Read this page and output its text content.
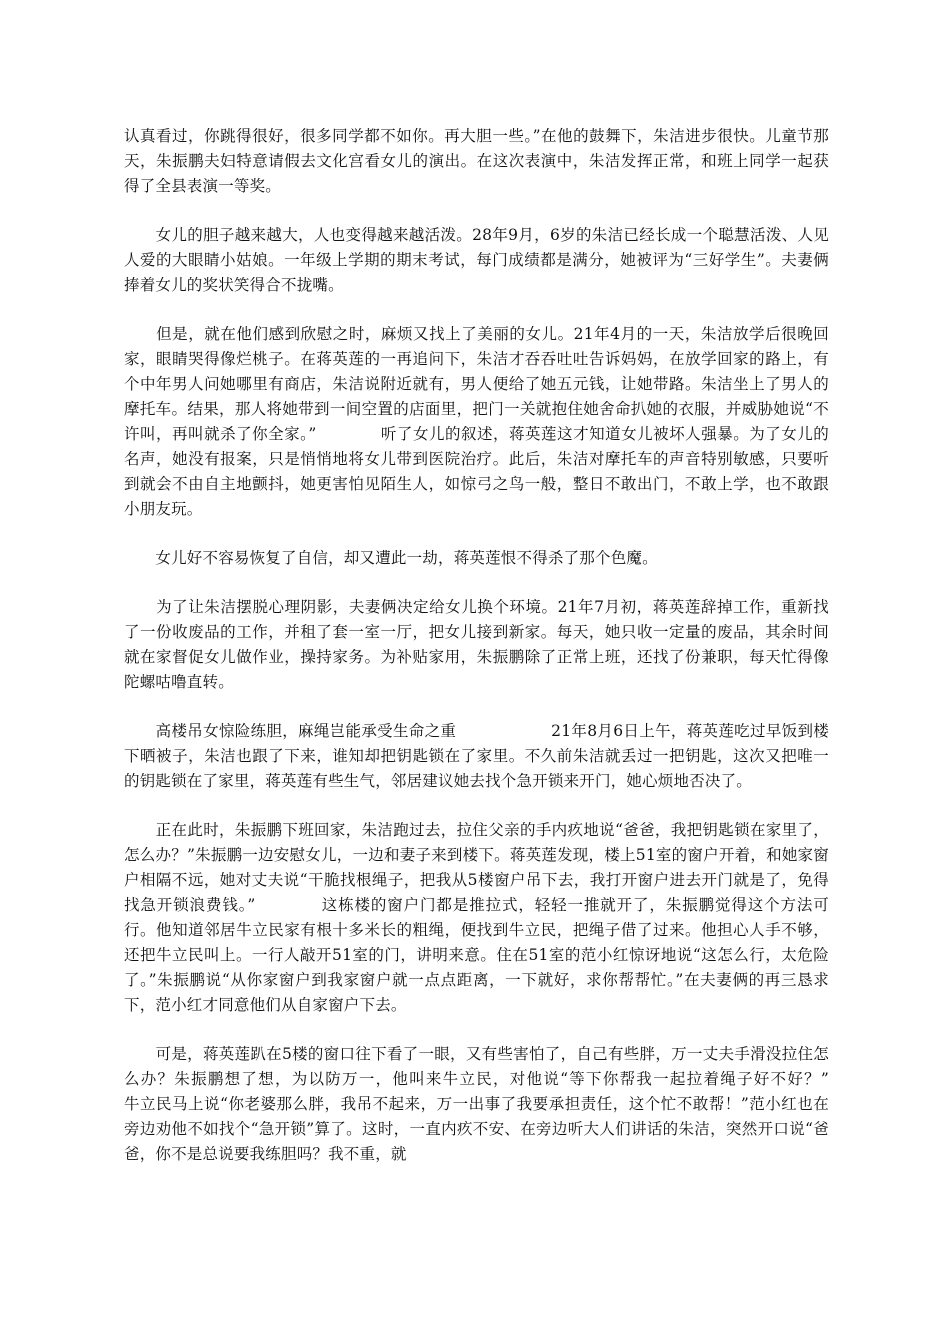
认真看过，你跳得很好，很多同学都不如你。再大胆一些。”在他的鼓舞下，朱洁进步很快。儿童节那天，朱振鹏夫妇特意请假去文化宫看女儿的演出。在这次表演中，朱洁发挥正常，和班上同学一起获得了全县表演一等奖。

　　女儿的胆子越来越大，人也变得越来越活泼。28年9月，6岁的朱洁已经长成一个聪慧活泼、人见人爱的大眼睛小姑娘。一年级上学期的期末考试，每门成绩都是满分，她被评为“三好学生”。夫妻俩捧着女儿的奖状笑得合不拢嘴。

　　但是，就在他们感到欣慰之时，麻烦又找上了美丽的女儿。21年4月的一天，朱洁放学后很晚回家，眼睛哭得像烂桃子。在蒋英莲的一再追问下，朱洁才吞吞吐吐告诉妈妈，在放学回家的路上，有个中年男人问她哪里有商店，朱洁说附近就有，男人便给了她五元钱，让她带路。朱洁坐上了男人的摩托车。结果，那人将她带到一间空置的店面里，把门一关就抱住她舍命扒她的衣服，并威胁她说“不许叫，再叫就杀了你全家。”　　　　听了女儿的叙述，蒋英莲这才知道女儿被坏人强暴。为了女儿的名声，她没有报案，只是悄悄地将女儿带到医院治疗。此后，朱洁对摩托车的声音特别敏感，只要听到就会不由自主地颤抖，她更害怕见陌生人，如惊弓之鸟一般，整日不敢出门，不敢上学，也不敢跟小朋友玩。

　　女儿好不容易恢复了自信，却又遭此一劫，蒋英莲恨不得杀了那个色魔。

　　为了让朱洁摆脱心理阴影，夫妻俩决定给女儿换个环境。21年7月初，蒋英莲辞掉工作，重新找了一份收废品的工作，并租了套一室一厅，把女儿接到新家。每天，她只收一定量的废品，其余时间就在家督促女儿做作业，操持家务。为补贴家用，朱振鹏除了正常上班，还找了份兼职，每天忙得像陀螺咕噜直转。

　　高楼吊女惊险练胆，麻绳岂能承受生命之重　　　　　　21年8月6日上午，蒋英莲吃过早饭到楼下晒被子，朱洁也跟了下来，谁知却把钥匙锁在了家里。不久前朱洁就丢过一把钥匙，这次又把唯一的钥匙锁在了家里，蒋英莲有些生气，邻居建议她去找个急开锁来开门，她心烦地否决了。

　　正在此时，朱振鹏下班回家，朱洁跑过去，拉住父亲的手内疚地说“爸爸，我把钥匙锁在家里了，怎么办？”朱振鹏一边安慰女儿，一边和妻子来到楼下。蒋英莲发现，楼上51室的窗户开着，和她家窗户相隔不远，她对丈夫说“干脆找根绳子，把我从5楼窗户吊下去，我打开窗户进去开门就是了，免得找急开锁浪费钱。”　　　　这栋楼的窗户门都是推拉式，轻轻一推就开了，朱振鹏觉得这个方法可行。他知道邻居牛立民家有根十多米长的粗绳，便找到牛立民，把绳子借了过来。他担心人手不够，还把牛立民叫上。一行人敲开51室的门，讲明来意。住在51室的范小红惊讶地说“这怎么行，太危险了。”朱振鹏说“从你家窗户到我家窗户就一点点距离，一下就好，求你帮帮忙。”在夫妻俩的再三恳求下，范小红才同意他们从自家窗户下去。

　　可是，蒋英莲趴在5楼的窗口往下看了一眼，又有些害怕了，自己有些胖，万一丈夫手滑没拉住怎么办？朱振鹏想了想，为以防万一，他叫来牛立民，对他说“等下你帮我一起拉着绳子好不好？”　　　　牛立民马上说“你老婆那么胖，我吊不起来，万一出事了我要承担责任，这个忙不敢帮！”范小红也在旁边劝他不如找个“急开锁”算了。这时，一直内疚不安、在旁边听大人们讲话的朱洁，突然开口说“爸爸，你不是总说要我练胆吗？我不重，就
